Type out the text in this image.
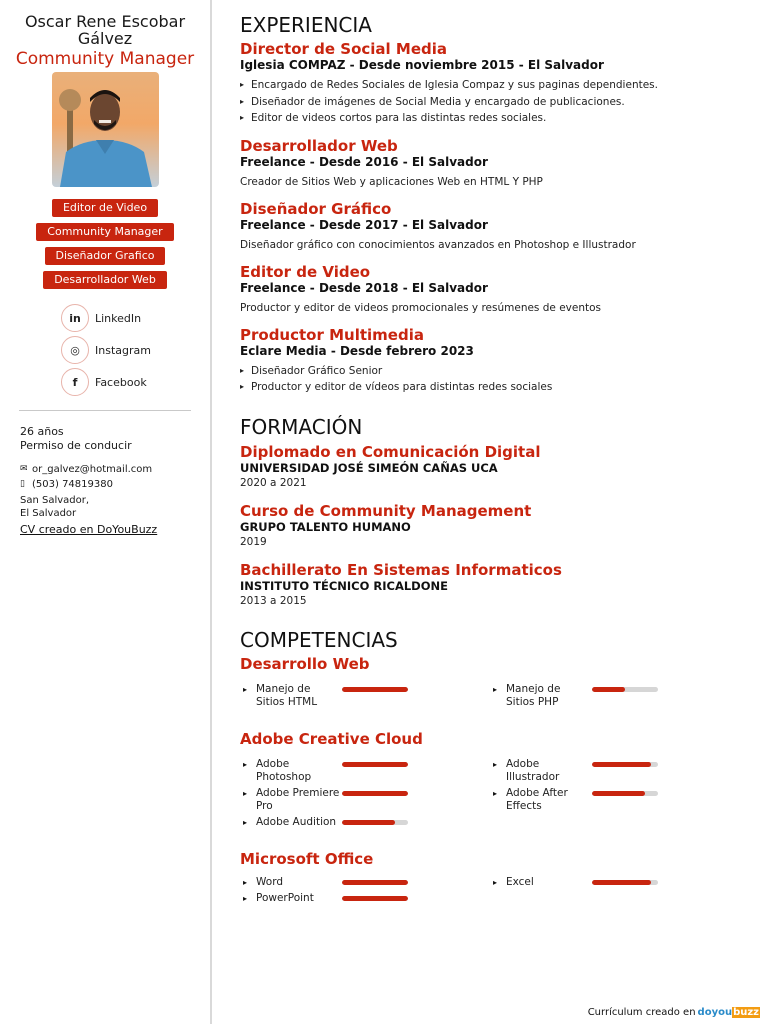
Oscar Rene Escobar Gálvez
Community Manager
Editor de Video
Community Manager
Diseñador Grafico
Desarrollador Web
in	LinkedIn
◎	Instagram
f	Facebook
26 años
Permiso de conducir
✉ or_galvez@hotmail.com
▯ (503) 74819380
San Salvador,
El Salvador
CV creado en DoYouBuzz
EXPERIENCIA
Director de Social Media
Iglesia COMPAZ - Desde noviembre 2015 - El Salvador
▸ Encargado de Redes Sociales de Iglesia Compaz y sus paginas dependientes.
▸ Diseñador de imágenes de Social Media y encargado de publicaciones.
▸ Editor de videos cortos para las distintas redes sociales.
Desarrollador Web
Freelance - Desde 2016 - El Salvador
Creador de Sitios Web y aplicaciones Web en HTML Y PHP
Diseñador Gráfico
Freelance - Desde 2017 - El Salvador
Diseñador gráfico con conocimientos avanzados en Photoshop e Illustrador
Editor de Video
Freelance - Desde 2018 - El Salvador
Productor y editor de videos promocionales y resúmenes de eventos
Productor Multimedia
Eclare Media - Desde febrero 2023
▸ Diseñador Gráfico Senior
▸ Productor y editor de vídeos para distintas redes sociales
FORMACIÓN
Diplomado en Comunicación Digital
UNIVERSIDAD JOSÉ SIMEÓN CAÑAS UCA
2020 a 2021
Curso de Community Management
GRUPO TALENTO HUMANO
2019
Bachillerato En Sistemas Informaticos
INSTITUTO TÉCNICO RICALDONE
2013 a 2015
COMPETENCIAS
Desarrollo Web
▸ Manejo de Sitios HTML
▸ Manejo de Sitios PHP
Adobe Creative Cloud
▸ Adobe Photoshop
▸ Adobe Illustrador
▸ Adobe Premiere Pro
▸ Adobe After Effects
▸ Adobe Audition
Microsoft Office
▸ Word	▸ Excel
▸ PowerPoint
Currículum creado en doyoubuzz
